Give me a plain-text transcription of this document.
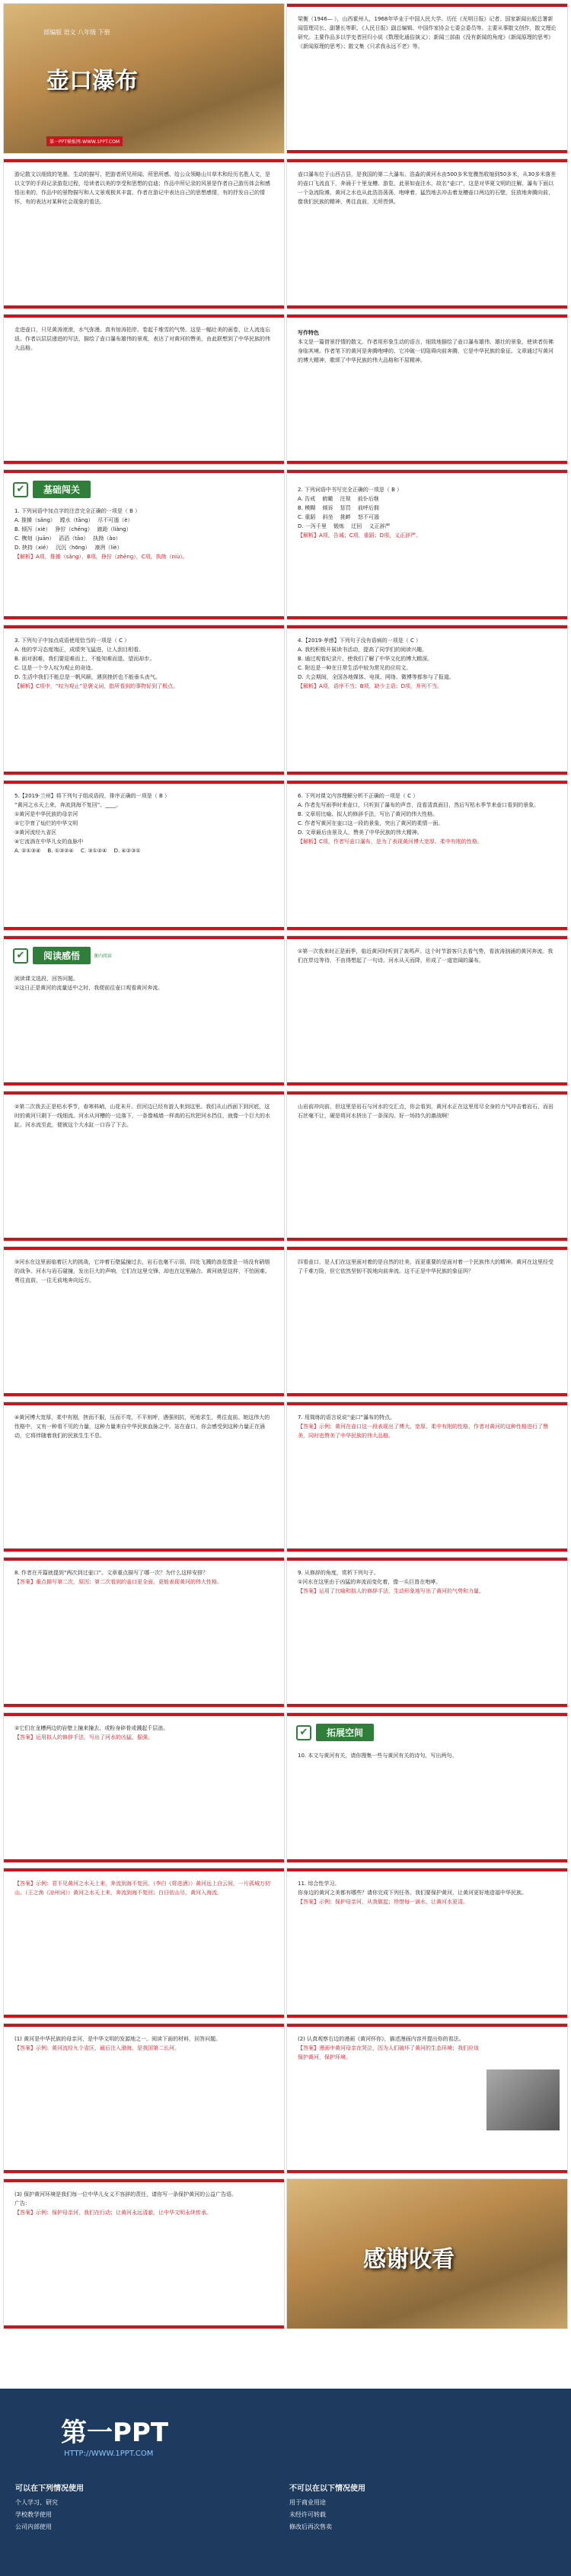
部编版 语文 八年级 下册
壶口瀑布
第一PPT模板网-WWW.1PPT.COM
梁衡（1946— ），山西霍州人，1968年毕业于中国人民大学。历任《光明日报》记者、国家新闻出版总署新闻管理司长、副署长等职、《人民日报》副总编辑、中国作家协会七委会委员等。主要从事散文创作，散文理论研究。主要作品多以学史者回归小说《数理化通俗演义》；新闻三部曲《没有新闻的角度》《新闻原理的思考》《新闻原理的思考》；散文集《只求我永远不老》等。
游记散文以细致的笔墨、生动的描写、把游者所见所闻、所思所感、给公众领略山川草木和经历名胜人文，是以文学的手段记录游览过程，给读者以美的享受和思想的启迪；作品中所记录的风景是作者自己游历体会和感悟出来的，作品中的景物描写和人文景观极其丰富。作者在游记中表达自己的思想感情，有的抒发自己的情怀，有的表达对某种社会现象的看法。
壶口瀑布位于山西吉县，是我国的第二大瀑布。浩淼的黄河水由500多米宽骤然收缩到50多米，从30多米落差的壶口飞流直下，奔涌于十里龙槽。游览，此景如壶注水，故名“壶口”，这是对华夏文明的注解。瀑布下面以一个急流险滩，黄河之水也从此浩浩荡荡，咆哮着，猛烈地去冲击着龙槽壶口两边的石壁，狂放地奔腾向前，像我们民族的精神，勇往直前，无所畏惧。
走进壶口，只见黄涛滚滚，水气弥漫。真有惊涛拍岸、卷起千堆雪的气势。这是一幅壮美的画卷，让人流连忘返。作者以层层递进的写法，描绘了壶口瀑布雄伟的景观，表达了对黄河的赞美，由此联想到了中华民族的伟大品格。
写作特色
本文是一篇借景抒情的散文。作者用形象生动的语言，细致地描绘了壶口瀑布雄伟、雄壮的景象，使读者仿佛身临其境。作者笔下的黄河是奔腾咆哮的、它冲破一切阻碍向前奔腾，它是中华民族的象征。文章通过写黄河的博大精神，歌颂了中华民族的伟大品格和不屈精神。
✔	基础闯关
1. 下列词语中加点字的注音完全正确的一项是（ B ）
A. 推搡（sǎng）　 蹚水（tāng）　 尽不可遏（è）
B. 倾泻（xiè）　 狰狞（chēng）　 踉跄（liàng）
C. 镌刻（juān）　 滔滔（tāo）　 执拗（ǎo）
D. 挟持（xié）　 沉沉（hōng）　 凛冽（liè）
【解析】A项，推搡（sǎng），B项，狰狞（zhēng），C项，执拗（niù）。
2. 下列词语中书写完全正确的一项是（ B ）
A. 告戒　 俯瞰　 注视　 前仆后继
B. 模糊　 倾诉　 惩罚　 前呼后拥
C. 重蹈　 斜坐　 挑衅　 怒不可遏
D. 一泻千里　 锻炼　 迂回　 义正辞严
【解析】A项，告诫；C项，重蹈；D项，义正辞严。
3. 下列句子中加点成语使用恰当的一项是（ C ）
A. 他的学习态度端正，成绩突飞猛进，让人刮目相看。
B. 面对困难，我们要迎难而上，不能知难而退、望而却步。
C. 这是一个令人叹为观止的奇迹。
D. 生活中我们不能总是一帆风顺，遇到挫折也不能垂头丧气。
【解析】C项中，“叹为观止”是褒义词，指所看到的事物好到了极点。
4.【2019·孝感】下列句子没有语病的一项是（ C ）
A. 我校积极开展读书活动，提高了同学们的阅读兴趣。
B. 通过观看纪录片，使我们了解了中华文化的博大精深。
C. 附近是一种在日常生活中较为常见的应用文。
D. 大会期间，全国各地媒体、电视、网络、微博等都参与了报道。
【解析】A项，语序不当；B项，缺少主语；D项，并列不当。
5.【2019·兰州】将下列句子组成语段，排序正确的一项是（ B ）
“黄河之水天上来，奔流到海不复回”。____。
①黄河是中华民族的母亲河
②它孕育了灿烂的中华文明
③黄河流经九省区
④它流淌在中华儿女的血脉中
A. ②①③④　 B. ①③②④　 C. ③①②④　 D. ④②③①
6. 下列对课文内容理解分析不正确的一项是（ C ）
A. 作者先写雨季时来壶口，只听到了瀑布的声音，没看清真面目，然后写枯水季节来壶口看到的景象。
B. 文章用比喻、拟人的修辞手法，写出了黄河的伟大性格。
C. 作者写黄河在壶口这一段的景象，突出了黄河的柔情一面。
D. 文章最后由景及人，赞美了中华民族的伟大精神。
【解析】C项，作者写壶口瀑布，是为了表现黄河博大宽厚、柔中有刚的性格。
✔	阅读感悟	课内阅读
阅读课文选段，回答问题。
①这日正是黄河的流量适中之时，我便前往壶口观看黄河奔流。
①第一次我来时正是雨季，临近黄河时听到了轰鸣声。这个时节游客只去看气势，看波涛汹涌的黄河奔流。我们在岸边等待，不由得想起了一句诗。河水从天而降，形成了一道宽阔的瀑布。
②第二次我去正是枯水季节，春寒料峭，山花未开。但河边已经有游人来到这里。我们从山西面下到河底，这时的黄河只剩下一线细流。河水从河槽的一边落下，一条像城墙一样高的石坎把河水挡住，就像一个巨大的水缸。河水流至此，便被这个大水缸一口吞了下去。
山岩前冲向前，但这里是岩石与河水的交汇点，你会看到，黄河水正在这里用尽全身的力气冲击着岩石，而岩石丝毫不让，硬是将河水挤出了一条深沟。好一场持久的激战啊！
③河水在这里面临着巨大的挑战，它冲着石壁猛撞过去，岩石也毫不示弱，四处飞溅的浪花像是一场没有硝烟的战争。河水与岩石碰撞，发出巨大的声响，它们在这里交锋，却也在这里融合。黄河就是这样，不怕困难、勇往直前，一往无前地奔向远方。
四看壶口，是人们在这里面对着的是自然的壮美，而更重要的是面对着一个民族伟大的精神。黄河在这里经受了千难万险，但它依然坚韧不拔地向前奔流。这不正是中华民族的象征吗？
④黄河博大宽厚，柔中有刚，挟而不服，压而不弯，不平则呼，遇强则抗，死地求生，勇往直前。她这伟大的性格中，又有一种看不见的力量，这种力量来自中华民族血脉之中。站在壶口，你会感受到这种力量正在涌动，它将伴随着我们的民族生生不息。
7. 用简练的语言说说“壶口”瀑布的特点。
【答案】示例：黄河在壶口这一段表现出了博大、宽厚、柔中有刚的性格，作者对黄河的这种性格进行了赞美，同时也赞美了中华民族的伟大品格。
8. 作者在开篇就提到“两次到过壶口”。文章重点描写了哪一次？为什么这样安排？
【答案】重点描写第二次，原因：第二次看到的壶口更全面，更能表现黄河的伟大性格。
9. 从修辞的角度，赏析下列句子。
①河水在这里由于凶猛的奔流而变化着，像一头巨兽在咆哮。
【答案】运用了比喻和拟人的修辞手法，生动形象地写出了黄河的气势和力量。
②它们在龙槽两边的岩壁上撞来撞去，或粉身碎骨或溅起千层浪。
【答案】运用拟人的修辞手法，写出了河水的凶猛、倔强。	✔	拓展空间
10. 本文与黄河有关，请你搜集一些与黄河有关的诗句，写出两句。
【答案】示例：君不见黄河之水天上来，奔流到海不复回。（李白《将进酒》）黄河远上白云间，一片孤城万仞山。（王之涣《凉州词》）黄河之水天上来，奔流到海不复回；白日依山尽，黄河入海流。
11. 综合性学习。
你身边的黄河之美都有哪些？请你完成下列任务。我们要保护黄河，让黄河更好地造福中华民族。
【答案】示例：保护母亲河，从我做起；珍惜每一滴水，让黄河水更清。
(1) 黄河是中华民族的母亲河，是中华文明的发源地之一。阅读下面的材料，回答问题。
【答案】示例：黄河流经九个省区，最后注入渤海，是我国第二长河。
(2) 认真观察右边的漫画《黄河怀你》，描述漫画内容并提出你的看法。
【答案】漫画中黄河母亲在哭泣，因为人们破坏了黄河的生态环境；我们应该保护黄河，保护环境。
(3) 保护黄河环境是我们每一位中华儿女义不容辞的责任，请你写一条保护黄河的公益广告语。
广告：
【答案】示例：保护母亲河，我们在行动；让黄河永远清澈，让中华文明永续传承。
感谢收看
第一PPT
HTTP://WWW.1PPT.COM
可以在下列情况使用	不可以在以下情况使用
个人学习、研究
学校教学使用
公司内部使用
用于商业用途
未经许可转载
修改后再次售卖
